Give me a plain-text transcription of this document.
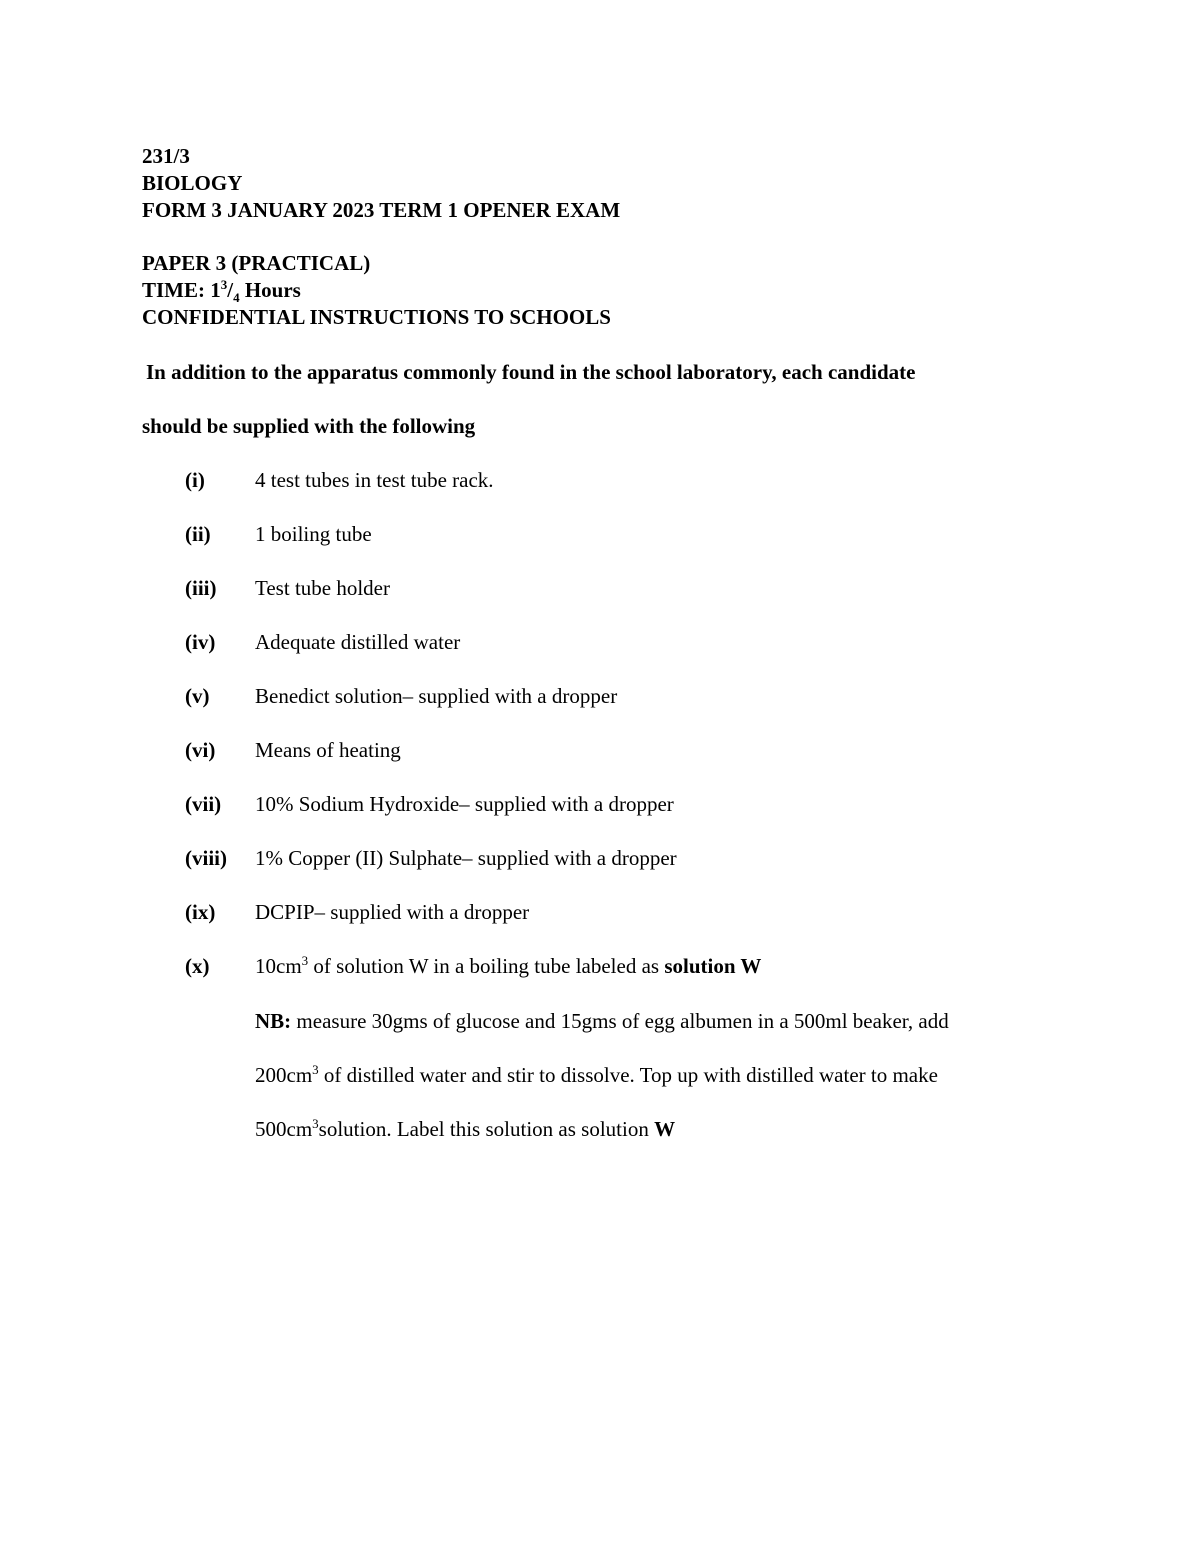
231/3
BIOLOGY
FORM 3 JANUARY 2023 TERM 1 OPENER EXAM
PAPER 3 (PRACTICAL)
TIME: $1^3/_4$ Hours
CONFIDENTIAL INSTRUCTIONS TO SCHOOLS
In addition to the apparatus commonly found in the school laboratory, each candidate
should be supplied with the following
(i) 4 test tubes in test tube rack.
(ii) 1 boiling tube
(iii) Test tube holder
(iv) Adequate distilled water
(v) Benedict solution– supplied with a dropper
(vi) Means of heating
(vii) 10% Sodium Hydroxide– supplied with a dropper
(viii) 1% Copper (II) Sulphate– supplied with a dropper
(ix) DCPIP– supplied with a dropper
(x) $10cm^3$ of solution W in a boiling tube labeled as solution W
NB: measure 30gms of glucose and 15gms of egg albumen in a 500ml beaker, add
$200cm^3$ of distilled water and stir to dissolve. Top up with distilled water to make
$500cm^3solution$. Label this solution as solution W
